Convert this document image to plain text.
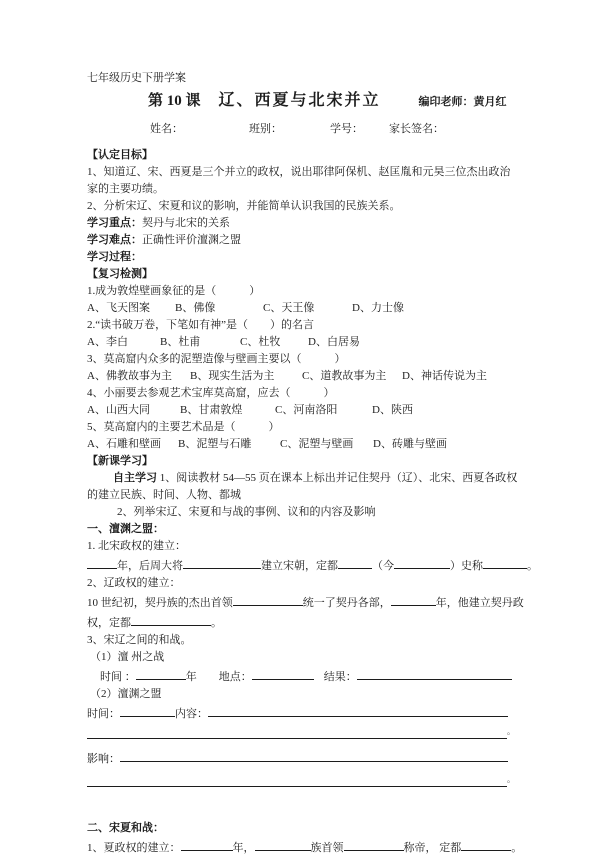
七年级历史下册学案
第 10 课 辽、西夏与北宋并立	编印老师：黄月红
姓名：	班别：	学号： 家长签名：
【认定目标】

1、知道辽、宋、西夏是三个并立的政权，说出耶律阿保机、赵匡胤和元昊三位杰出政治家的主要功绩。

2、分析宋辽、宋夏和议的影响，并能简单认识我国的民族关系。

学习重点：契丹与北宋的关系
学习难点：正确性评价澶渊之盟
学习过程：
【复习检测】
1.成为敦煌壁画象征的是（　　　）
A、飞天图案	B、佛像	C、天王像	D、力士像
2.“读书破万卷，下笔如有神”是（　　）的名言
A、李白	B、杜甫	C、杜牧	D、白居易
3、莫高窟内众多的泥塑造像与壁画主要以（　　　）
A、佛教故事为主	B、现实生活为主	C、道教故事为主	D、神话传说为主
4、小丽要去参观艺术宝库莫高窟，应去（　　　）
A、山西大同	B、甘肃敦煌	C、河南洛阳	D、陕西
5、莫高窟内的主要艺术品是（　　　）
A、石雕和壁画	B、泥塑与石雕	C、泥塑与壁画	D、砖雕与壁画
【新课学习】

自主学习 1、阅读教材 54—55 页在课本上标出并记住契丹（辽）、北宋、西夏各政权的建立民族、时间、人物、都城

2、列举宋辽、宋夏和与战的事例、议和的内容及影响

一、澶渊之盟：
1. 北宋政权的建立：
年，后周大将	建立宋朝，定都	（今	）史称	。
2、辽政权的建立：
10 世纪初，契丹族的杰出首领	统一了契丹各部，	年，他建立契丹政
权，定都	。
3、宋辽之间的和战。
（1）澶 州之战
时间 ：	年 地点：	结果：
（2）澶渊之盟
时间：	内容：
。
影响：
。
二、宋夏和战：
1、夏政权的建立：	年，	族首领	称帝， 定都	。
